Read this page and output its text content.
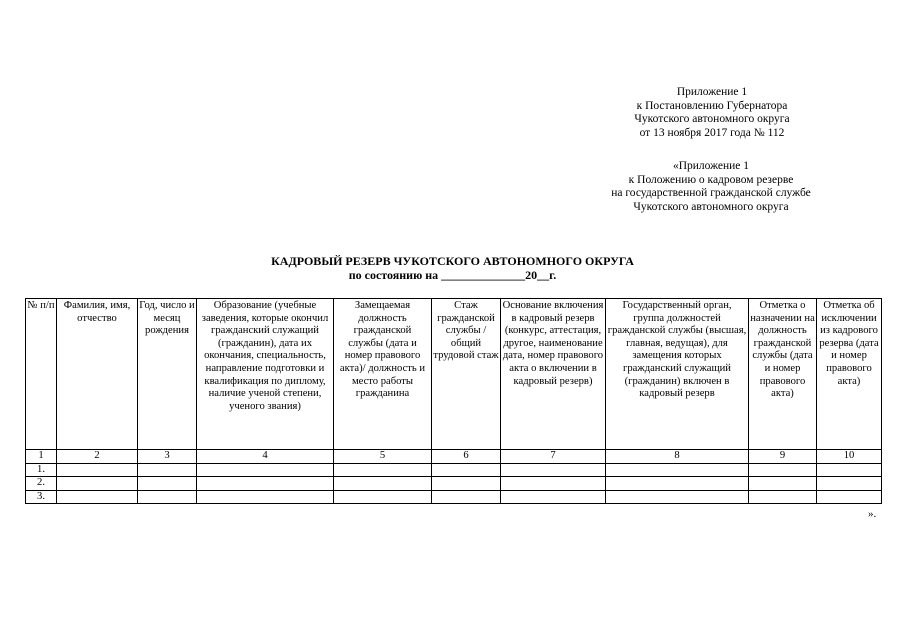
Приложение 1
к Постановлению Губернатора
Чукотского автономного округа
от 13 ноября 2017 года № 112
«Приложение 1
к Положению о кадровом резерве
на государственной гражданской службе
Чукотского автономного округа
КАДРОВЫЙ РЕЗЕРВ ЧУКОТСКОГО АВТОНОМНОГО ОКРУГА
по состоянию на ______________20__г.
№ п/п	Фамилия, имя, отчество	Год, число и месяц рождения	Образование (учебные заведения, которые окончил гражданский служащий (гражданин), дата их окончания, специальность, направление подготовки и квалификация по диплому, наличие ученой степени, ученого звания)	Замещаемая должность гражданской службы (дата и номер правового акта)/ должность и место работы гражданина	Стаж гражданской службы / общий трудовой стаж	Основание включения в кадровый резерв (конкурс, аттестация, другое, наименование дата, номер правового акта о включении в кадровый резерв)	Государственный орган, группа должностей гражданской службы (высшая, главная, ведущая), для замещения которых гражданский служащий (гражданин) включен в кадровый резерв	Отметка о назначении на должность гражданской службы (дата и номер правового акта)	Отметка об исключении из кадрового резерва (дата и номер правового акта)
1	2	3	4	5	6	7	8	9	10
1.									
2.									
3.									
».
